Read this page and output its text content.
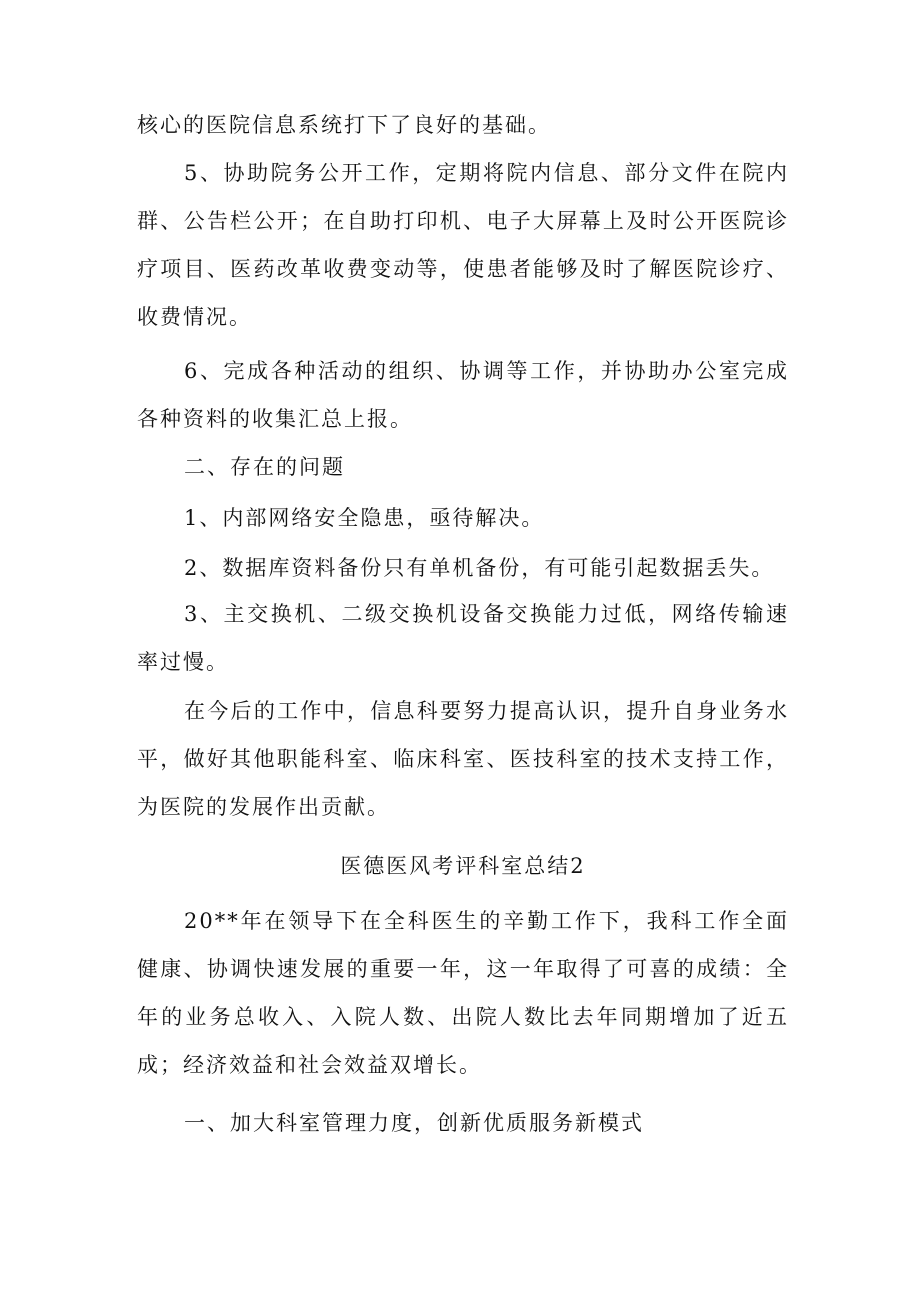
核心的医院信息系统打下了良好的基础。

5、协助院务公开工作，定期将院内信息、部分文件在院内群、公告栏公开；在自助打印机、电子大屏幕上及时公开医院诊疗项目、医药改革收费变动等，使患者能够及时了解医院诊疗、收费情况。

6、完成各种活动的组织、协调等工作，并协助办公室完成各种资料的收集汇总上报。

二、存在的问题

1、内部网络安全隐患，亟待解决。

2、数据库资料备份只有单机备份，有可能引起数据丢失。

3、主交换机、二级交换机设备交换能力过低，网络传输速率过慢。

在今后的工作中，信息科要努力提高认识，提升自身业务水平，做好其他职能科室、临床科室、医技科室的技术支持工作，为医院的发展作出贡献。

医德医风考评科室总结2

20**年在领导下在全科医生的辛勤工作下，我科工作全面健康、协调快速发展的重要一年，这一年取得了可喜的成绩：全年的业务总收入、入院人数、出院人数比去年同期增加了近五成；经济效益和社会效益双增长。

一、加大科室管理力度，创新优质服务新模式
